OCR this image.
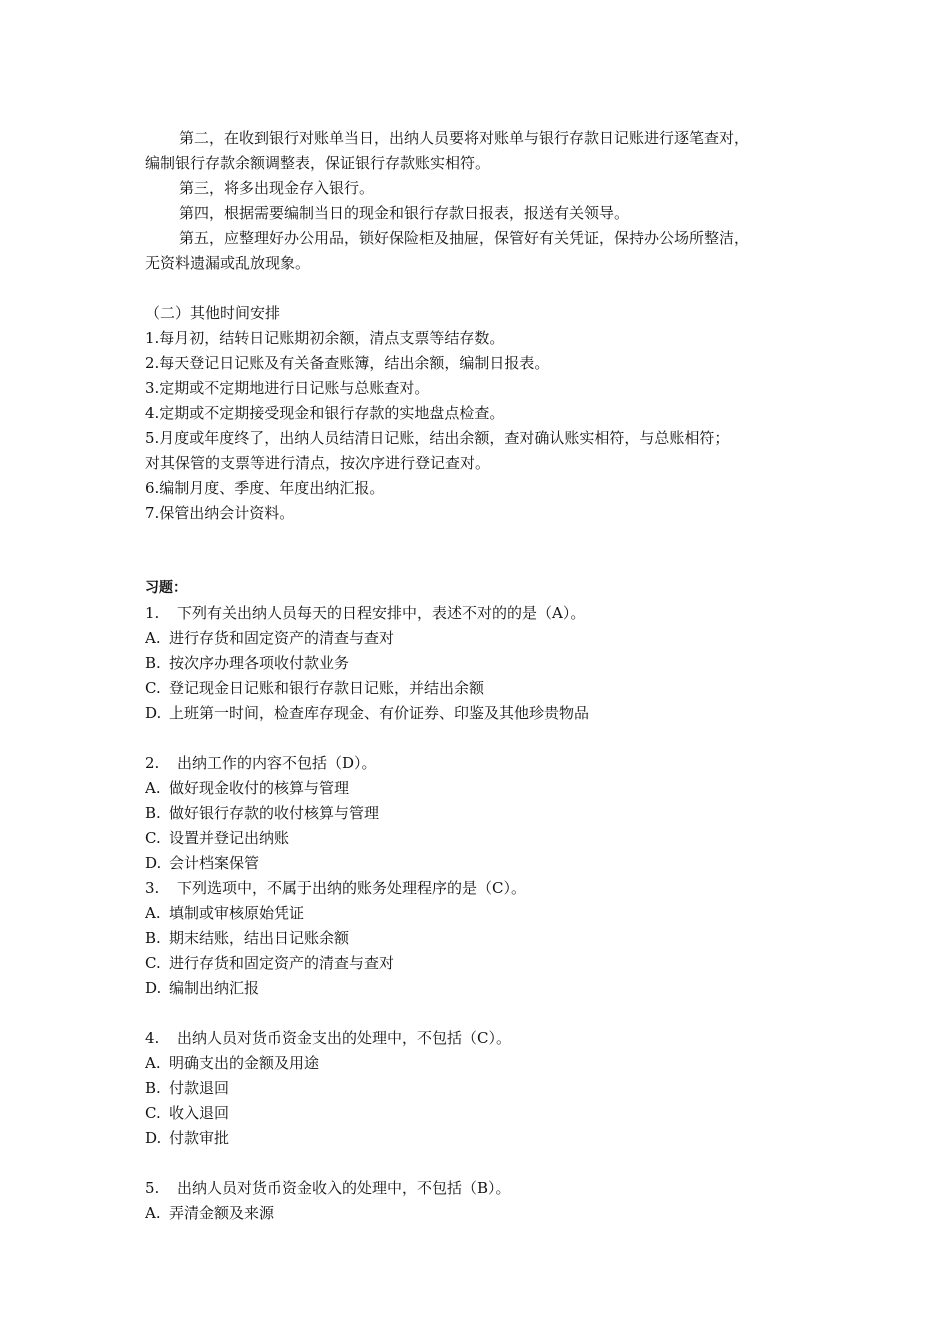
第二，在收到银行对账单当日，出纳人员要将对账单与银行存款日记账进行逐笔查对，
编制银行存款余额调整表，保证银行存款账实相符。
第三，将多出现金存入银行。
第四，根据需要编制当日的现金和银行存款日报表，报送有关领导。
第五，应整理好办公用品，锁好保险柜及抽屉，保管好有关凭证，保持办公场所整洁，
无资料遗漏或乱放现象。
（二）其他时间安排
1.每月初，结转日记账期初余额，清点支票等结存数。
2.每天登记日记账及有关备查账簿，结出余额，编制日报表。
3.定期或不定期地进行日记账与总账查对。
4.定期或不定期接受现金和银行存款的实地盘点检查。
5.月度或年度终了，出纳人员结清日记账，结出余额，查对确认账实相符，与总账相符；
对其保管的支票等进行清点，按次序进行登记查对。
6.编制月度、季度、年度出纳汇报。
7.保管出纳会计资料。
习题：
1. 下列有关出纳人员每天的日程安排中，表述不对的的是（A）。
A. 进行存货和固定资产的清查与查对
B. 按次序办理各项收付款业务
C. 登记现金日记账和银行存款日记账，并结出余额
D. 上班第一时间，检查库存现金、有价证券、印鉴及其他珍贵物品
2. 出纳工作的内容不包括（D）。
A. 做好现金收付的核算与管理
B. 做好银行存款的收付核算与管理
C. 设置并登记出纳账
D. 会计档案保管
3. 下列选项中，不属于出纳的账务处理程序的是（C）。
A. 填制或审核原始凭证
B. 期末结账，结出日记账余额
C. 进行存货和固定资产的清查与查对
D. 编制出纳汇报
4. 出纳人员对货币资金支出的处理中，不包括（C）。
A. 明确支出的金额及用途
B. 付款退回
C. 收入退回
D. 付款审批
5. 出纳人员对货币资金收入的处理中，不包括（B）。
A. 弄清金额及来源
